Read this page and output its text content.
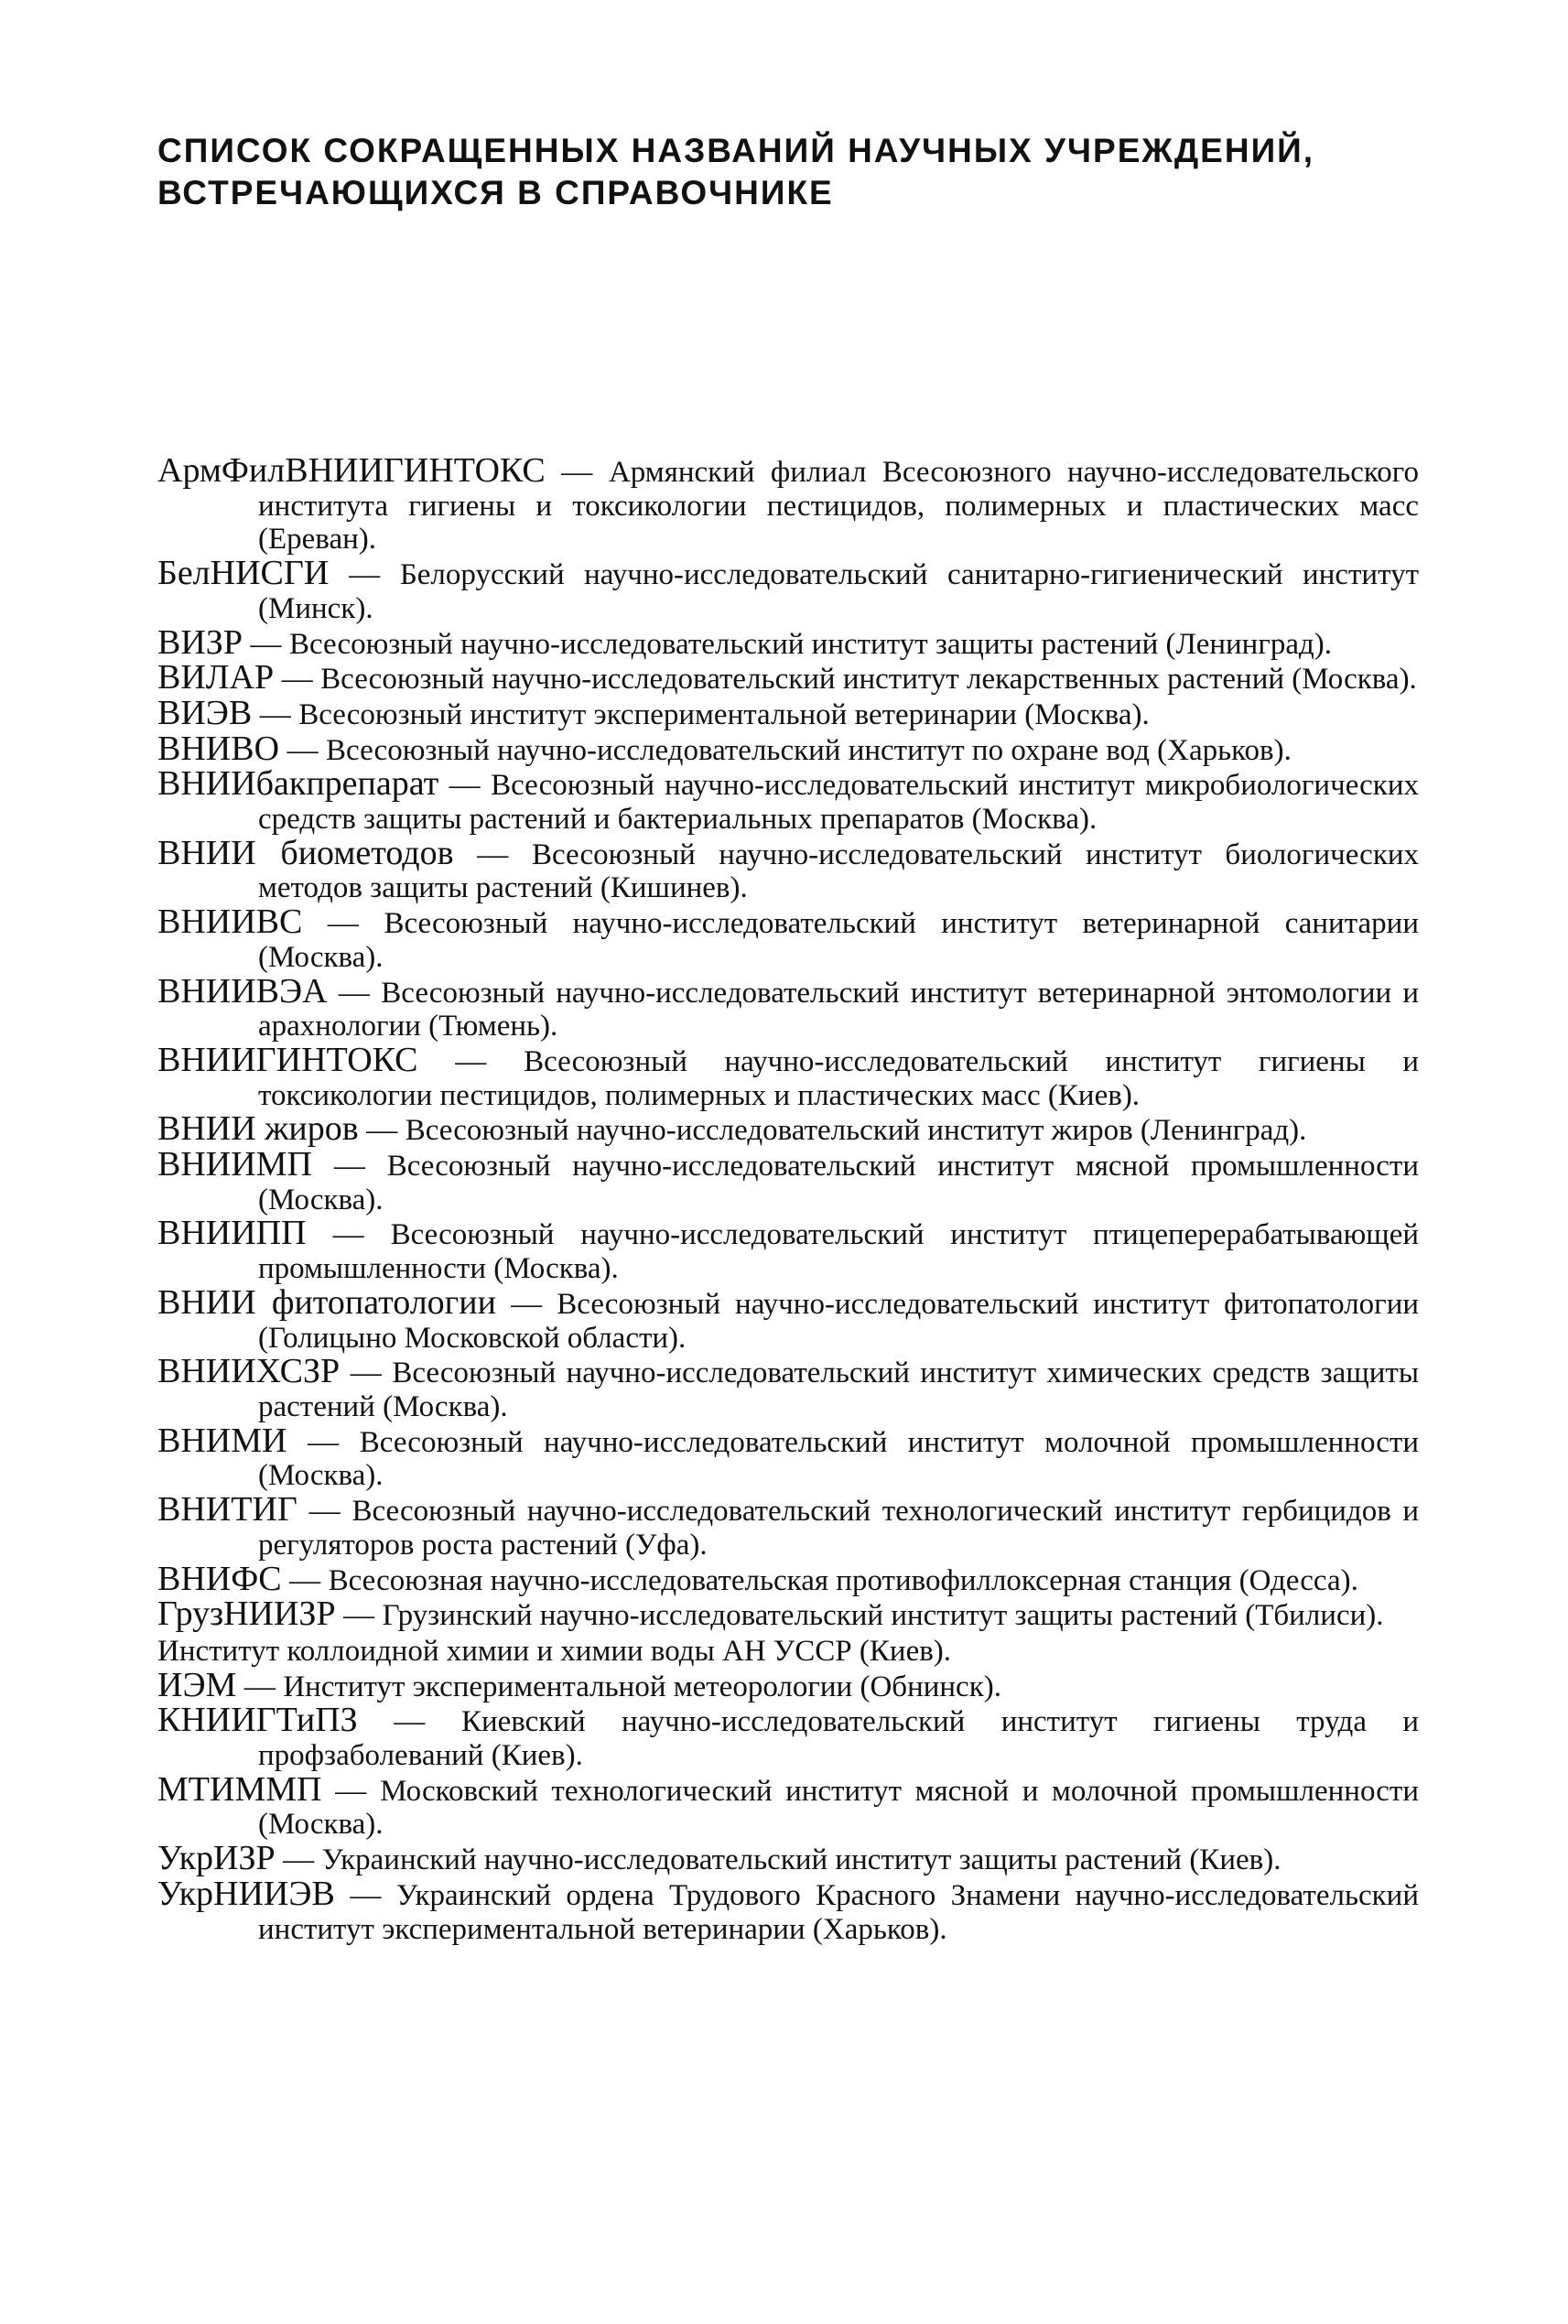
СПИСОК СОКРАЩЕННЫХ НАЗВАНИЙ НАУЧНЫХ УЧРЕЖДЕНИЙ,
ВСТРЕЧАЮЩИХСЯ В СПРАВОЧНИКЕ
АрмФилВНИИГИНТОКС — Армянский филиал Всесоюзного научно-исследовательского института гигиены и токсикологии пестицидов, полимерных и пластических масс (Ереван).
БелНИСГИ — Белорусский научно-исследовательский санитарно-гигиенический институт (Минск).
ВИЗР — Всесоюзный научно-исследовательский институт защиты растений (Ленинград).
ВИЛАР — Всесоюзный научно-исследовательский институт лекарственных растений (Москва).
ВИЭВ — Всесоюзный институт экспериментальной ветеринарии (Москва).
ВНИВО — Всесоюзный научно-исследовательский институт по охране вод (Харьков).
ВНИИбакпрепарат — Всесоюзный научно-исследовательский институт микробиологических средств защиты растений и бактериальных препаратов (Москва).
ВНИИ биометодов — Всесоюзный научно-исследовательский институт биологических методов защиты растений (Кишинев).
ВНИИВС — Всесоюзный научно-исследовательский институт ветеринарной санитарии (Москва).
ВНИИВЭА — Всесоюзный научно-исследовательский институт ветеринарной энтомологии и арахнологии (Тюмень).
ВНИИГИНТОКС — Всесоюзный научно-исследовательский институт гигиены и токсикологии пестицидов, полимерных и пластических масс (Киев).
ВНИИ жиров — Всесоюзный научно-исследовательский институт жиров (Ленинград).
ВНИИМП — Всесоюзный научно-исследовательский институт мясной промышленности (Москва).
ВНИИПП — Всесоюзный научно-исследовательский институт птицеперерабатывающей промышленности (Москва).
ВНИИ фитопатологии — Всесоюзный научно-исследовательский институт фитопатологии (Голицыно Московской области).
ВНИИХСЗР — Всесоюзный научно-исследовательский институт химических средств защиты растений (Москва).
ВНИМИ — Всесоюзный научно-исследовательский институт молочной промышленности (Москва).
ВНИТИГ — Всесоюзный научно-исследовательский технологический институт гербицидов и регуляторов роста растений (Уфа).
ВНИФС — Всесоюзная научно-исследовательская противофиллоксерная станция (Одесса).
ГрузНИИЗР — Грузинский научно-исследовательский институт защиты растений (Тбилиси).
Институт коллоидной химии и химии воды АН УССР (Киев).
ИЭМ — Институт экспериментальной метеорологии (Обнинск).
КНИИГТиПЗ — Киевский научно-исследовательский институт гигиены труда и профзаболеваний (Киев).
МТИММП — Московский технологический институт мясной и молочной промышленности (Москва).
УкрИЗР — Украинский научно-исследовательский институт защиты растений (Киев).
УкрНИИЭВ — Украинский ордена Трудового Красного Знамени научно-исследовательский институт экспериментальной ветеринарии (Харьков).
